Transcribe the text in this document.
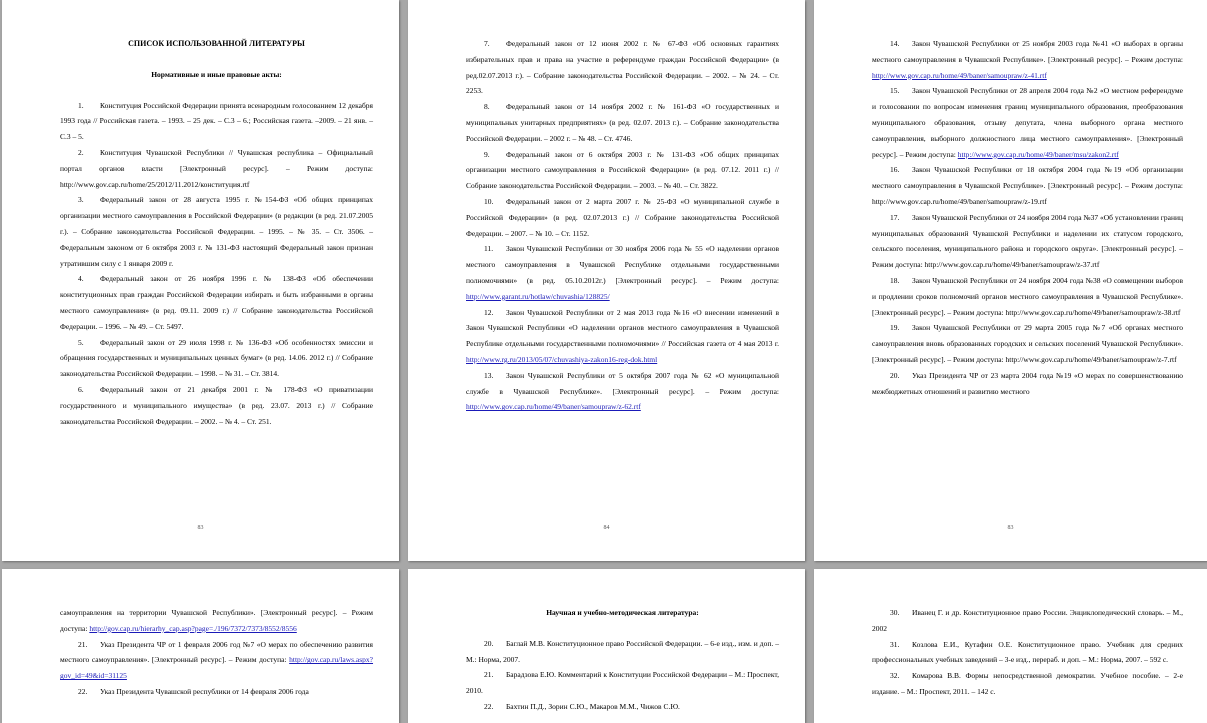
СПИСОК ИСПОЛЬЗОВАННОЙ ЛИТЕРАТУРЫ
Нормативные и иные правовые акты:

1. Конституция Российской Федерации принята всенародным голосованием 12 декабря 1993 года // Российская газета. – 1993. – 25 дек. – С.3 – 6.; Российская газета. –2009. – 21 янв. – С.3 – 5.

2. Конституция Чувашской Республики // Чувашская республика – Официальный портал органов власти [Электронный ресурс]. – Режим доступа: http://www.gov.cap.ru/home/25/2012/11.2012/конституция.rtf

3. Федеральный закон от 28 августа 1995 г. №154-ФЗ «Об общих принципах организации местного самоуправления в Российской Федерации» (в редакции (в ред. 21.07.2005 г.). – Собрание законодательства Российской Федерации. – 1995. – № 35. – Ст. 3506. – Федеральным законом от 6 октября 2003 г. № 131-ФЗ настоящий Федеральный закон признан утратившим силу с 1 января 2009 г.

4. Федеральный закон от 26 ноября 1996 г. № 138-ФЗ «Об обеспечении конституционных прав граждан Российской Федерации избирать и быть избранными в органы местного самоуправления» (в ред. 09.11. 2009 г.) // Собрание законодательства Российской Федерации. – 1996. – № 49. – Ст. 5497.

5. Федеральный закон от 29 июля 1998 г. № 136-ФЗ «Об особенностях эмиссии и обращения государственных и муниципальных ценных бумаг» (в ред. 14.06. 2012 г.) // Собрание законодательства Российской Федерации. – 1998. – № 31. – Ст. 3814.

6. Федеральный закон от 21 декабря 2001 г. № 178-ФЗ «О приватизации государственного и муниципального имущества» (в ред. 23.07. 2013 г.) // Собрание законодательства Российской Федерации. – 2002. – № 4. – Ст. 251.

83

7. Федеральный закон от 12 июня 2002 г. № 67-ФЗ «Об основных гарантиях избирательных прав и права на участие в референдуме граждан Российской Федерации» (в ред.02.07.2013 г.). – Собрание законодательства Российской Федерации. – 2002. – № 24. – Ст. 2253.

8. Федеральный закон от 14 ноября 2002 г. № 161-ФЗ «О государственных и муниципальных унитарных предприятиях» (в ред. 02.07. 2013 г.). – Собрание законодательства Российской Федерации. – 2002 г. – № 48. – Ст. 4746.

9. Федеральный закон от 6 октября 2003 г. № 131-ФЗ «Об общих принципах организации местного самоуправления в Российской Федерации» (в ред. 07.12. 2011 г.) // Собрание законодательства Российской Федерации. – 2003. – № 40. – Ст. 3822.

10. Федеральный закон от 2 марта 2007 г. № 25-ФЗ «О муниципальной службе в Российской Федерации» (в ред. 02.07.2013 г.) // Собрание законодательства Российской Федерации. – 2007. – № 10. – Ст. 1152.

11. Закон Чувашской Республики от 30 ноября 2006 года № 55 «О наделении органов местного самоуправления в Чувашской Республике отдельными государственными полномочиями» (в ред. 05.10.2012г.) [Электронный ресурс]. – Режим доступа: http://www.garant.ru/hotlaw/chuvashia/128825/

12. Закон Чувашской Республики от 2 мая 2013 года №16 «О внесении изменений в Закон Чувашской Республики «О наделении органов местного самоуправления в Чувашской Республике отдельными государственными полномочиями» // Российская газета от 4 мая 2013 г. http://www.rg.ru/2013/05/07/chuvashiya-zakon16-reg-dok.html

13. Закон Чувашской Республики от 5 октября 2007 года № 62 «О муниципальной службе в Чувашской Республике». [Электронный ресурс]. – Режим доступа: http://www.gov.cap.ru/home/49/baner/samoupraw/z-62.rtf

84

14. Закон Чувашской Республики от 25 ноября 2003 года №41 «О выборах в органы местного самоуправления в Чувашской Республике». [Электронный ресурс]. – Режим доступа: http://www.gov.cap.ru/home/49/baner/samoupraw/z-41.rtf

15. Закон Чувашской Республики от 28 апреля 2004 года №2 «О местном референдуме и голосовании по вопросам изменения границ муниципального образования, преобразования муниципального образования, отзыву депутата, члена выборного органа местного самоуправления, выборного должностного лица местного самоуправления». [Электронный ресурс]. – Режим доступа: http://www.gov.cap.ru/home/49/baner/msu/zakon2.rtf

16. Закон Чувашской Республики от 18 октября 2004 года №19 «Об организации местного самоуправления в Чувашской Республике». [Электронный ресурс]. – Режим доступа: http://www.gov.cap.ru/home/49/baner/samoupraw/z-19.rtf

17. Закон Чувашской Республики от 24 ноября 2004 года №37 «Об установлении границ муниципальных образований Чувашской Республики и наделении их статусом городского, сельского поселения, муниципального района и городского округа». [Электронный ресурс]. – Режим доступа: http://www.gov.cap.ru/home/49/baner/samoupraw/z-37.rtf

18. Закон Чувашской Республики от 24 ноября 2004 года №38 «О совмещении выборов и продлении сроков полномочий органов местного самоуправления в Чувашской Республике». [Электронный ресурс]. – Режим доступа: http://www.gov.cap.ru/home/49/baner/samoupraw/z-38.rtf

19. Закон Чувашской Республики от 29 марта 2005 года №7 «Об органах местного самоуправления вновь образованных городских и сельских поселений Чувашской Республики». [Электронный ресурс]. – Режим доступа: http://www.gov.cap.ru/home/49/baner/samoupraw/z-7.rtf

20. Указ Президента ЧР от 23 марта 2004 года №19 «О мерах по совершенствованию межбюджетных отношений и развитию местного

83

самоуправления на территории Чувашской Республики». [Электронный ресурс]. – Режим доступа: http://gov.cap.ru/hierarhy_cap.asp?page=./196/7372/7373/8552/8556

21. Указ Президента ЧР от 1 февраля 2006 год №7 «О мерах по обеспечению развития местного самоуправления». [Электронный ресурс]. – Режим доступа: http://gov.cap.ru/laws.aspx?gov_id=49&id=31125

22. Указ Президента Чувашской республики от 14 февраля 2006 года

Научная и учебно-методическая литература:

20. Баглай М.В. Конституционное право Российской Федерации. – 6-е изд., изм. и доп. – М.: Норма, 2007.

21. Барадзова Е.Ю. Комментарий к Конституции Российской Федерации – М.: Проспект, 2010.

22. Бахтин П.Д., Зорин С.Ю., Макаров М.М., Чижов С.Ю.

30. Иванец Г. и др. Конституционное право России. Энциклопедический словарь. – М., 2002

31. Козлова Е.И., Кутафин О.Е. Конституционное право. Учебник для средних профессиональных учебных заведений – 3-е изд., перераб. и доп. – М.: Норма, 2007. – 592 с.

32. Комарова В.В. Формы непосредственной демократии. Учебное пособие. – 2-е издание. – М.: Проспект, 2011. – 142 с.
